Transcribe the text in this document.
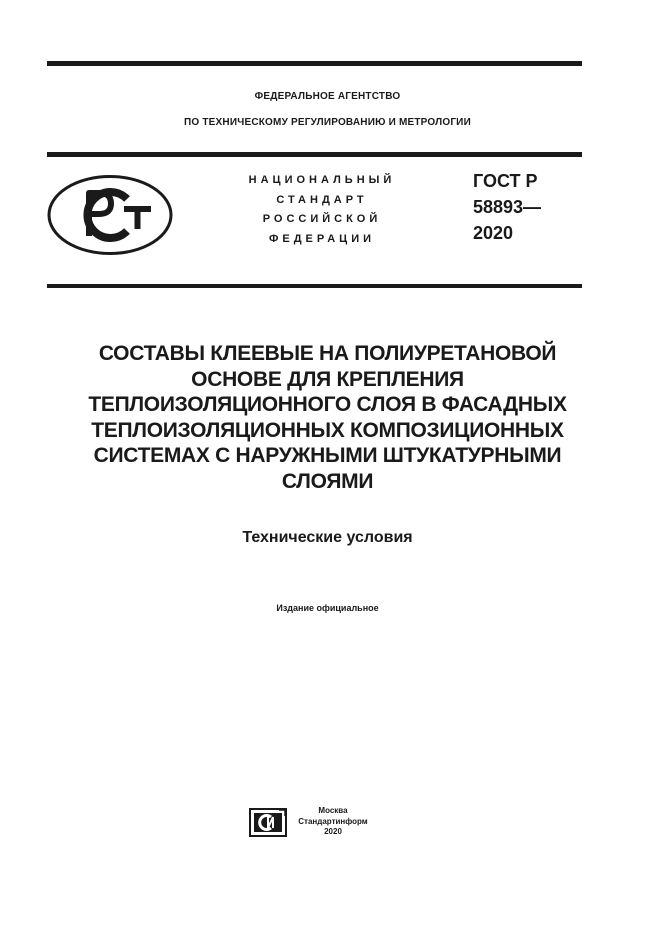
ФЕДЕРАЛЬНОЕ АГЕНТСТВО
ПО ТЕХНИЧЕСКОМУ РЕГУЛИРОВАНИЮ И МЕТРОЛОГИИ
НАЦИОНАЛЬНЫЙ
СТАНДАРТ
РОССИЙСКОЙ
ФЕДЕРАЦИИ
ГОСТ Р
58893—
2020
СОСТАВЫ КЛЕЕВЫЕ НА ПОЛИУРЕТАНОВОЙ
ОСНОВЕ ДЛЯ КРЕПЛЕНИЯ
ТЕПЛОИЗОЛЯЦИОННОГО СЛОЯ В ФАСАДНЫХ
ТЕПЛОИЗОЛЯЦИОННЫХ КОМПОЗИЦИОННЫХ
СИСТЕМАХ С НАРУЖНЫМИ ШТУКАТУРНЫМИ
СЛОЯМИ
Технические условия
Издание официальное
Москва
Стандартинформ
2020
